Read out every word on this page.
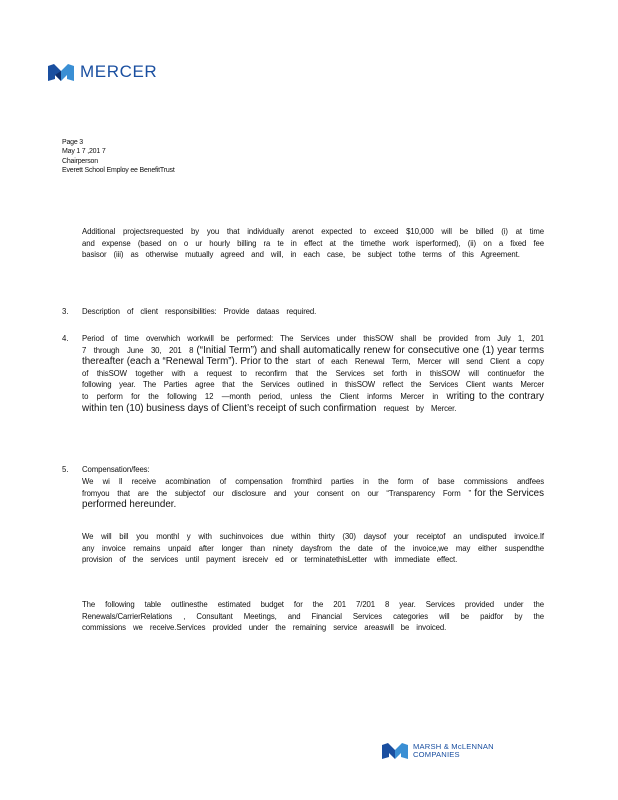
MERCER
Page 3
May 1 7 ,201 7
Chairperson
Everett School Employ ee BenefitTrust
Additional projectsrequested by you that individually arenot expected to exceed $10,000 will be billed (i) at time and expense (based on o ur hourly billing ra te in effect at the timethe work isperformed), (ii) on a fixed fee basisor (iii) as otherwise mutually agreed and will, in each case, be subject tothe terms of this Agreement.
3. Description of client responsibilities: Provide dataas required.
4. Period of time overwhich workwill be performed: The Services under thisSOW shall be provided from July 1, 201 7 through June 30, 201 8 (“Initial Term”) and shall automatically renew for consecutive one (1) year terms thereafter (each a “Renewal Term”). Prior to the start of each Renewal Term, Mercer will send Client a copy of thisSOW together with a request to reconfirm that the Services set forth in thisSOW will continuefor the following year. The Parties agree that the Services outlined in thisSOW reflect the Services Client wants Mercer to perform for the following 12 —month period, unless the Client informs Mercer in writing to the contrary within ten (10) business days of Client’s receipt of such confirmation request by Mercer.
5. Compensation/fees:
We wi ll receive acombination of compensation fromthird parties in the form of base commissions andfees fromyou that are the subjectof our disclosure and your consent on our “Transparency Form ” for the Services performed hereunder.
We will bill you monthl y with suchinvoices due within thirty (30) daysof your receiptof an undisputed invoice.If any invoice remains unpaid after longer than ninety daysfrom the date of the invoice,we may either suspendthe provision of the services until payment isreceiv ed or terminatethisLetter with immediate effect.
The following table outlinesthe estimated budget for the 201 7/201 8 year. Services provided under the Renewals/CarrierRelations , Consultant Meetings, and Financial Services categories will be paidfor by the commissions we receive.Services provided under the remaining service areaswill be invoiced.
MARSH & McLENNAN
COMPANIES
